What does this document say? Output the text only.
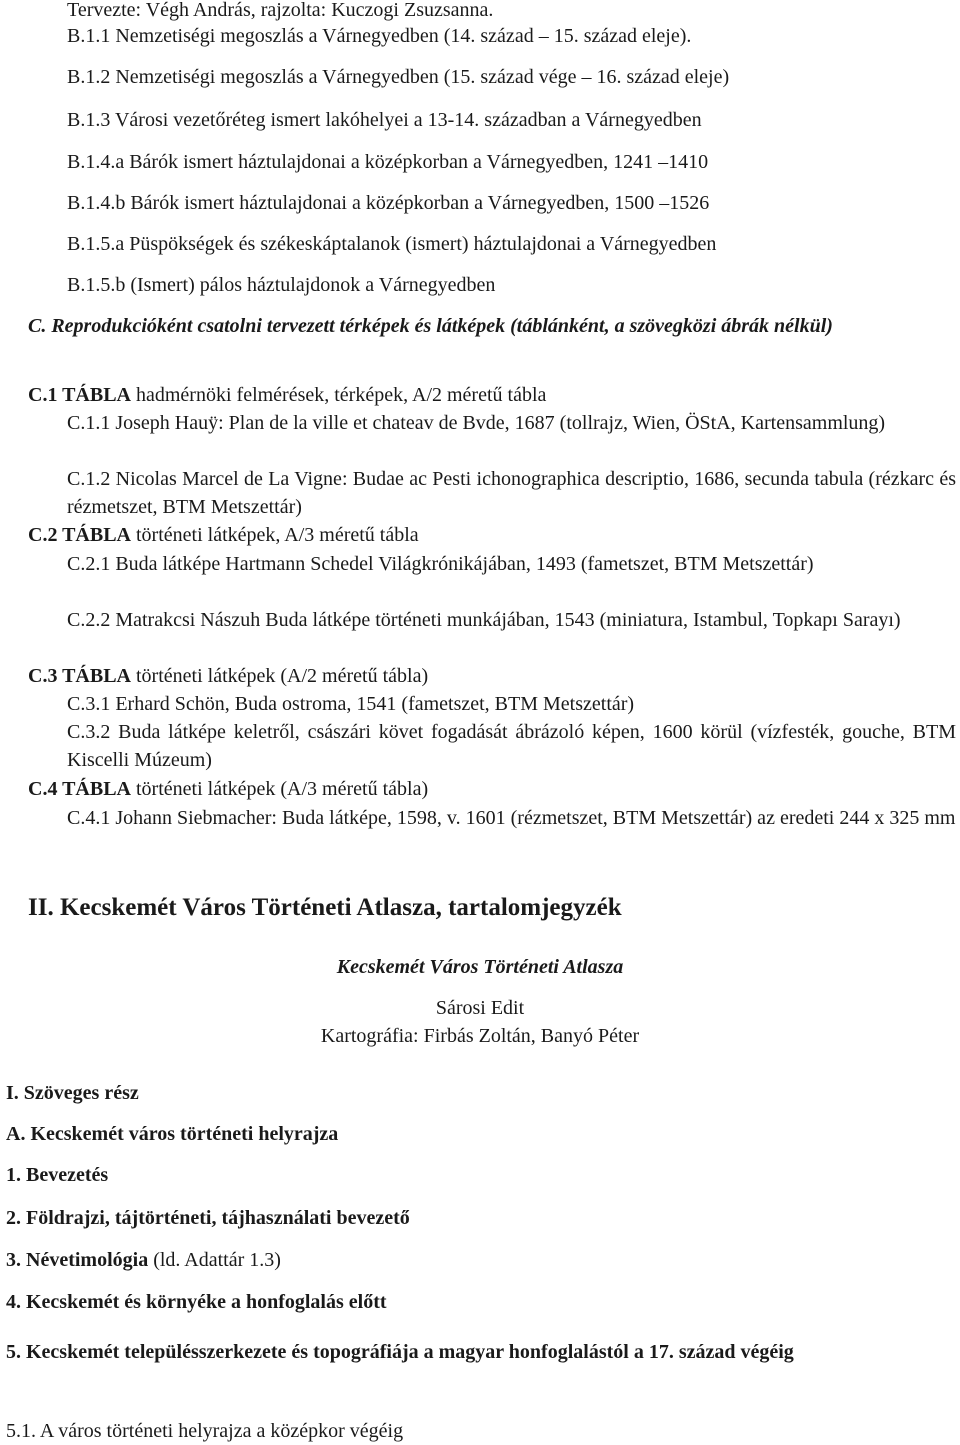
Tervezte: Végh András, rajzolta: Kuczogi Zsuzsanna.
B.1.1 Nemzetiségi megoszlás a Várnegyedben (14. század – 15. század eleje).
B.1.2 Nemzetiségi megoszlás a Várnegyedben (15. század vége – 16. század eleje)
B.1.3 Városi vezetőréteg ismert lakóhelyei a 13-14. században a Várnegyedben
B.1.4.a Bárók ismert háztulajdonai a középkorban a Várnegyedben, 1241 –1410
B.1.4.b Bárók ismert háztulajdonai a középkorban a Várnegyedben, 1500 –1526
B.1.5.a Püspökségek és székeskáptalanok (ismert) háztulajdonai a Várnegyedben
B.1.5.b (Ismert) pálos háztulajdonok a Várnegyedben
C. Reprodukcióként csatolni tervezett térképek és látképek (táblánként, a szövegközi ábrák nélkül)
C.1 TÁBLA hadmérnöki felmérések, térképek, A/2 méretű tábla
C.1.1 Joseph Hauÿ: Plan de la ville et chateav de Bvde, 1687 (tollrajz, Wien, ÖStA, Kartensammlung)
C.1.2 Nicolas Marcel de La Vigne: Budae ac Pesti ichonographica descriptio, 1686, secunda tabula (rézkarc és rézmetszet, BTM Metszettár)
C.2 TÁBLA történeti látképek, A/3 méretű tábla
C.2.1 Buda látképe Hartmann Schedel Világkrónikájában, 1493 (fametszet, BTM Metszettár)
C.2.2 Matrakcsi Nászuh Buda látképe történeti munkájában, 1543 (miniatura, Istambul, Topkapı Sarayı)
C.3 TÁBLA történeti látképek (A/2 méretű tábla)
C.3.1 Erhard Schön, Buda ostroma, 1541 (fametszet, BTM Metszettár)
C.3.2 Buda látképe keletről, császári követ fogadását ábrázoló képen, 1600 körül (vízfesték, gouche, BTM Kiscelli Múzeum)
C.4 TÁBLA történeti látképek (A/3 méretű tábla)
C.4.1 Johann Siebmacher: Buda látképe, 1598, v. 1601 (rézmetszet, BTM Metszettár) az eredeti 244 x 325 mm
II. Kecskemét Város Történeti Atlasza, tartalomjegyzék
Kecskemét Város Történeti Atlasza
Sárosi Edit
Kartográfia: Firbás Zoltán, Banyó Péter
I. Szöveges rész
A. Kecskemét város történeti helyrajza
1. Bevezetés
2. Földrajzi, tájtörténeti, tájhasználati bevezető
3. Névetimológia (ld. Adattár 1.3)
4. Kecskemét és környéke a honfoglalás előtt
5. Kecskemét településszerkezete és topográfiája a magyar honfoglalástól a 17. század végéig
5.1. A város történeti helyrajza a középkor végéig
